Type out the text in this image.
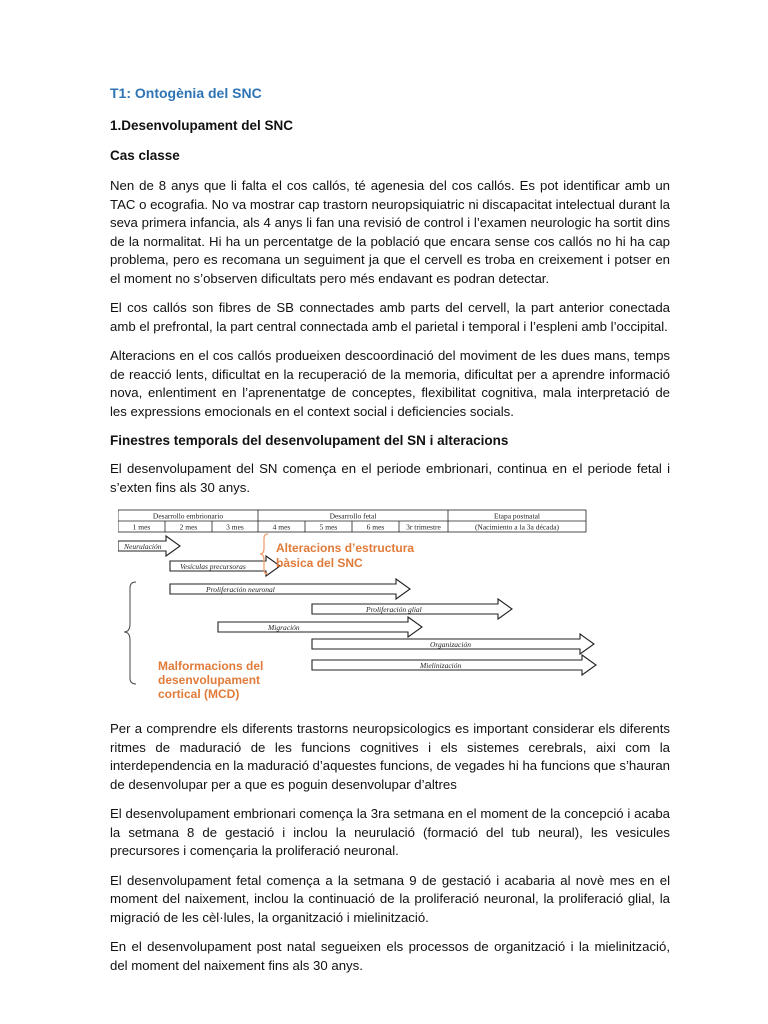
T1: Ontogènia del SNC
1.Desenvolupament del SNC
Cas classe

Nen de 8 anys que li falta el cos callós, té agenesia del cos callós. Es pot identificar amb un TAC o ecografia. No va mostrar cap trastorn neuropsiquiatric ni discapacitat intelectual durant la seva primera infancia, als 4 anys li fan una revisió de control i l’examen neurologic ha sortit dins de la normalitat. Hi ha un percentatge de la població que encara sense cos callós no hi ha cap problema, pero es recomana un seguiment ja que el cervell es troba en creixement i potser en el moment no s’observen dificultats pero més endavant es podran detectar.

El cos callós son fibres de SB connectades amb parts del cervell, la part anterior conectada amb el prefrontal, la part central connectada amb el parietal i temporal i l’espleni amb l’occipital.

Alteracions en el cos callós produeixen descoordinació del moviment de les dues mans, temps de reacció lents, dificultat en la recuperació de la memoria, dificultat per a aprendre informació nova, enlentiment en l’aprenentatge de conceptes, flexibilitat cognitiva, mala interpretació de les expressions emocionals en el context social i deficiencies socials.

Finestres temporals del desenvolupament del SN i alteracions

El desenvolupament del SN comença en el periode embrionari, continua en el periode fetal i s’exten fins als 30 anys.

Desarrollo embrionario	Desarrollo fetal	Etapa postnatal
1 mes	2 mes	3 mes	4 mes	5 mes	6 mes	3r trimestre	(Nacimiento a la 3a década)
Neurulación
Vesículas precursoras
Proliferación neuronal
Proliferación glial
Migración
Organización
Mielinización
Alteracions d’estructura
bàsica del SNC
Malformacions del
desenvolupament
cortical (MCD)

Per a comprendre els diferents trastorns neuropsicologics es important considerar els diferents ritmes de maduració de les funcions cognitives i els sistemes cerebrals, aixi com la interdependencia en la maduració d’aquestes funcions, de vegades hi ha funcions que s’hauran de desenvolupar per a que es poguin desenvolupar d’altres

El desenvolupament embrionari comença la 3ra setmana en el moment de la concepció i acaba la setmana 8 de gestació i inclou la neurulació (formació del tub neural), les vesicules precursores i començaria la proliferació neuronal.

El desenvolupament fetal comença a la setmana 9 de gestació i acabaria al novè mes en el moment del naixement, inclou la continuació de la proliferació neuronal, la proliferació glial, la migració de les cèl·lules, la organització i mielinització.

En el desenvolupament post natal segueixen els processos de organització i la mielinització, del moment del naixement fins als 30 anys.
